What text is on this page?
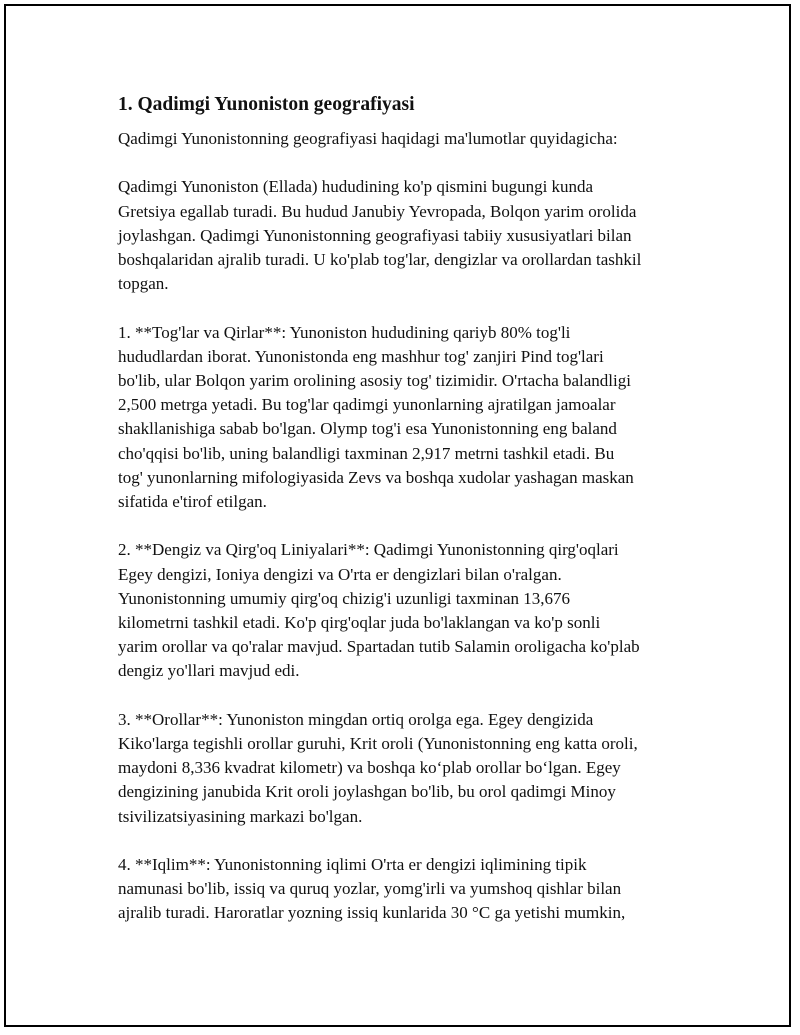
1. Qadimgi Yunoniston geografiyasi

Qadimgi Yunonistonning geografiyasi haqidagi ma'lumotlar quyidagicha:

Qadimgi Yunoniston (Ellada) hududining ko'p qismini bugungi kunda
Gretsiya egallab turadi. Bu hudud Janubiy Yevropada, Bolqon yarim orolida
joylashgan. Qadimgi Yunonistonning geografiyasi tabiiy xususiyatlari bilan
boshqalaridan ajralib turadi. U ko'plab tog'lar, dengizlar va orollardan tashkil
topgan.

1. **Tog'lar va Qirlar**: Yunoniston hududining qariyb 80% tog'li
hududlardan iborat. Yunonistonda eng mashhur tog' zanjiri Pind tog'lari
bo'lib, ular Bolqon yarim orolining asosiy tog' tizimidir. O'rtacha balandligi
2,500 metrga yetadi. Bu tog'lar qadimgi yunonlarning ajratilgan jamoalar
shakllanishiga sabab bo'lgan. Olymp tog'i esa Yunonistonning eng baland
cho'qqisi bo'lib, uning balandligi taxminan 2,917 metrni tashkil etadi. Bu
tog' yunonlarning mifologiyasida Zevs va boshqa xudolar yashagan maskan
sifatida e'tirof etilgan.

2. **Dengiz va Qirg'oq Liniyalari**: Qadimgi Yunonistonning qirg'oqlari
Egey dengizi, Ioniya dengizi va O'rta er dengizlari bilan o'ralgan.
Yunonistonning umumiy qirg'oq chizig'i uzunligi taxminan 13,676
kilometrni tashkil etadi. Ko'p qirg'oqlar juda bo'laklangan va ko'p sonli
yarim orollar va qo'ralar mavjud. Spartadan tutib Salamin oroligacha ko'plab
dengiz yo'llari mavjud edi.

3. **Orollar**: Yunoniston mingdan ortiq orolga ega. Egey dengizida
Kiko'larga tegishli orollar guruhi, Krit oroli (Yunonistonning eng katta oroli,
maydoni 8,336 kvadrat kilometr) va boshqa ko‘plab orollar bo‘lgan. Egey
dengizining janubida Krit oroli joylashgan bo'lib, bu orol qadimgi Minoy
tsivilizatsiyasining markazi bo'lgan.

4. **Iqlim**: Yunonistonning iqlimi O'rta er dengizi iqlimining tipik
namunasi bo'lib, issiq va quruq yozlar, yomg'irli va yumshoq qishlar bilan
ajralib turadi. Haroratlar yozning issiq kunlarida 30 °C ga yetishi mumkin,
